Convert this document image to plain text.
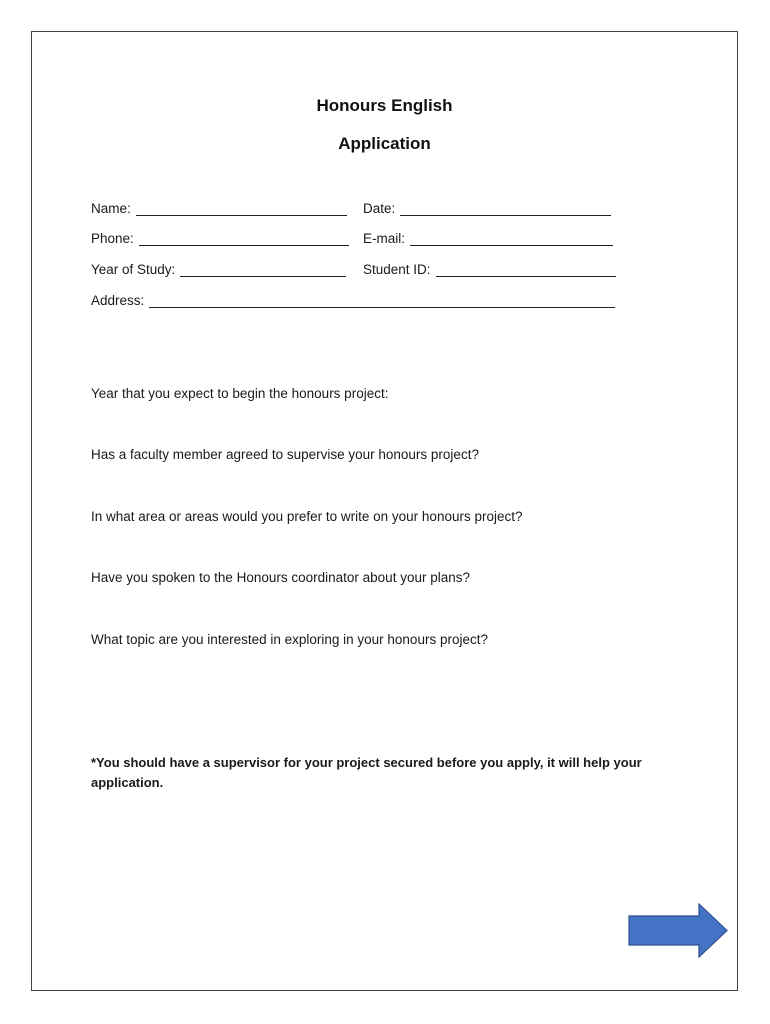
Honours English
Application
Name:	Date:
Phone:	E-mail:
Year of Study:	Student ID:
Address:
Year that you expect to begin the honours project:
Has a faculty member agreed to supervise your honours project?
In what area or areas would you prefer to write on your honours project?
Have you spoken to the Honours coordinator about your plans?
What topic are you interested in exploring in your honours project?
*You should have a supervisor for your project secured before you apply, it will help your application.
